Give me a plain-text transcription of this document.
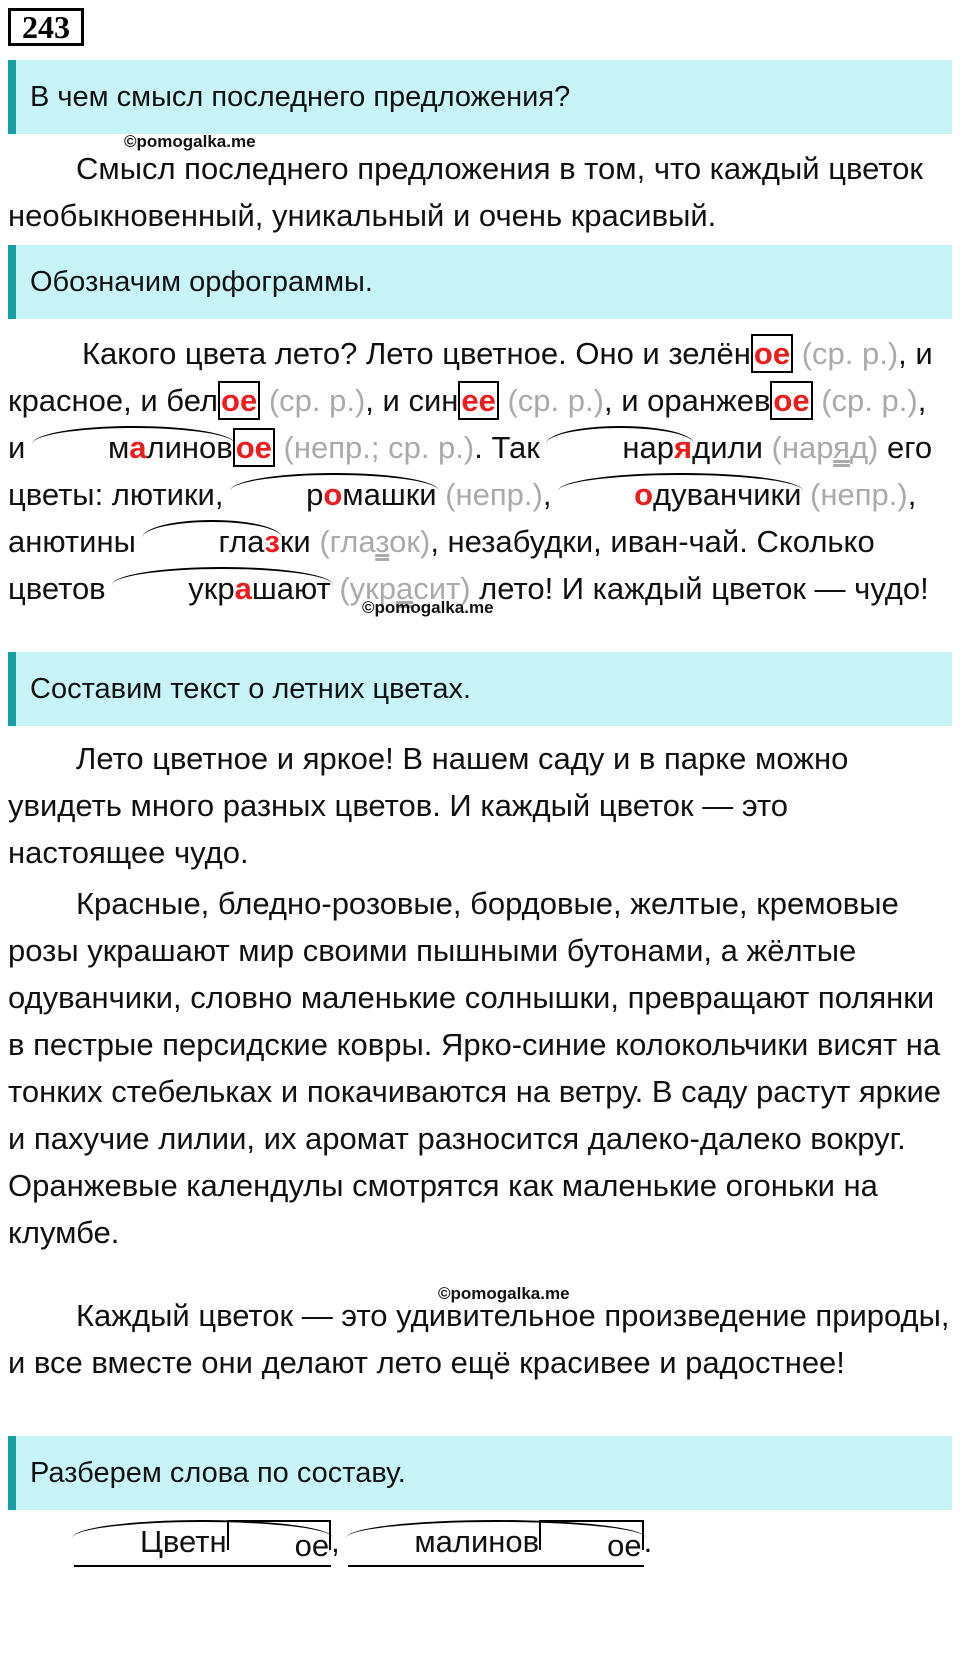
243
В чем смысл последнего предложения?
©pomogalka.me

Смысл последнего предложения в том, что каждый цветок необыкновенный, уникальный и очень красивый.

Обозначим орфограммы.

Какого цвета лето? Лето цветное. Оно и зелёное (ср. р.), и красное, и белое (ср. р.), и синее (ср. р.), и оранжевое (ср. р.), и малиновое (непр.; ср. р.). Так нарядили (наряд) его цветы: лютики, ромашки (непр.), одуванчики (непр.), анютины глазки (глазок), незабудки, иван-чай. Сколько цветов украшают (украсит) лето! И каждый цветок — чудо!

©pomogalka.me
Составим текст о летних цветах.

Лето цветное и яркое! В нашем саду и в парке можно увидеть много разных цветов. И каждый цветок — это настоящее чудо.

Красные, бледно-розовые, бордовые, желтые, кремовые розы украшают мир своими пышными бутонами, а жёлтые одуванчики, словно маленькие солнышки, превращают полянки в пестрые персидские ковры. Ярко-синие колокольчики висят на тонких стебельках и покачиваются на ветру. В саду растут яркие и пахучие лилии, их аромат разносится далеко-далеко вокруг. Оранжевые календулы смотрятся как маленькие огоньки на клумбе.

©pomogalka.me

Каждый цветок — это удивительное произведение природы, и все вместе они делают лето ещё красивее и радостнее!

Разберем слова по составу.

Цветн ое, малинов ое.
